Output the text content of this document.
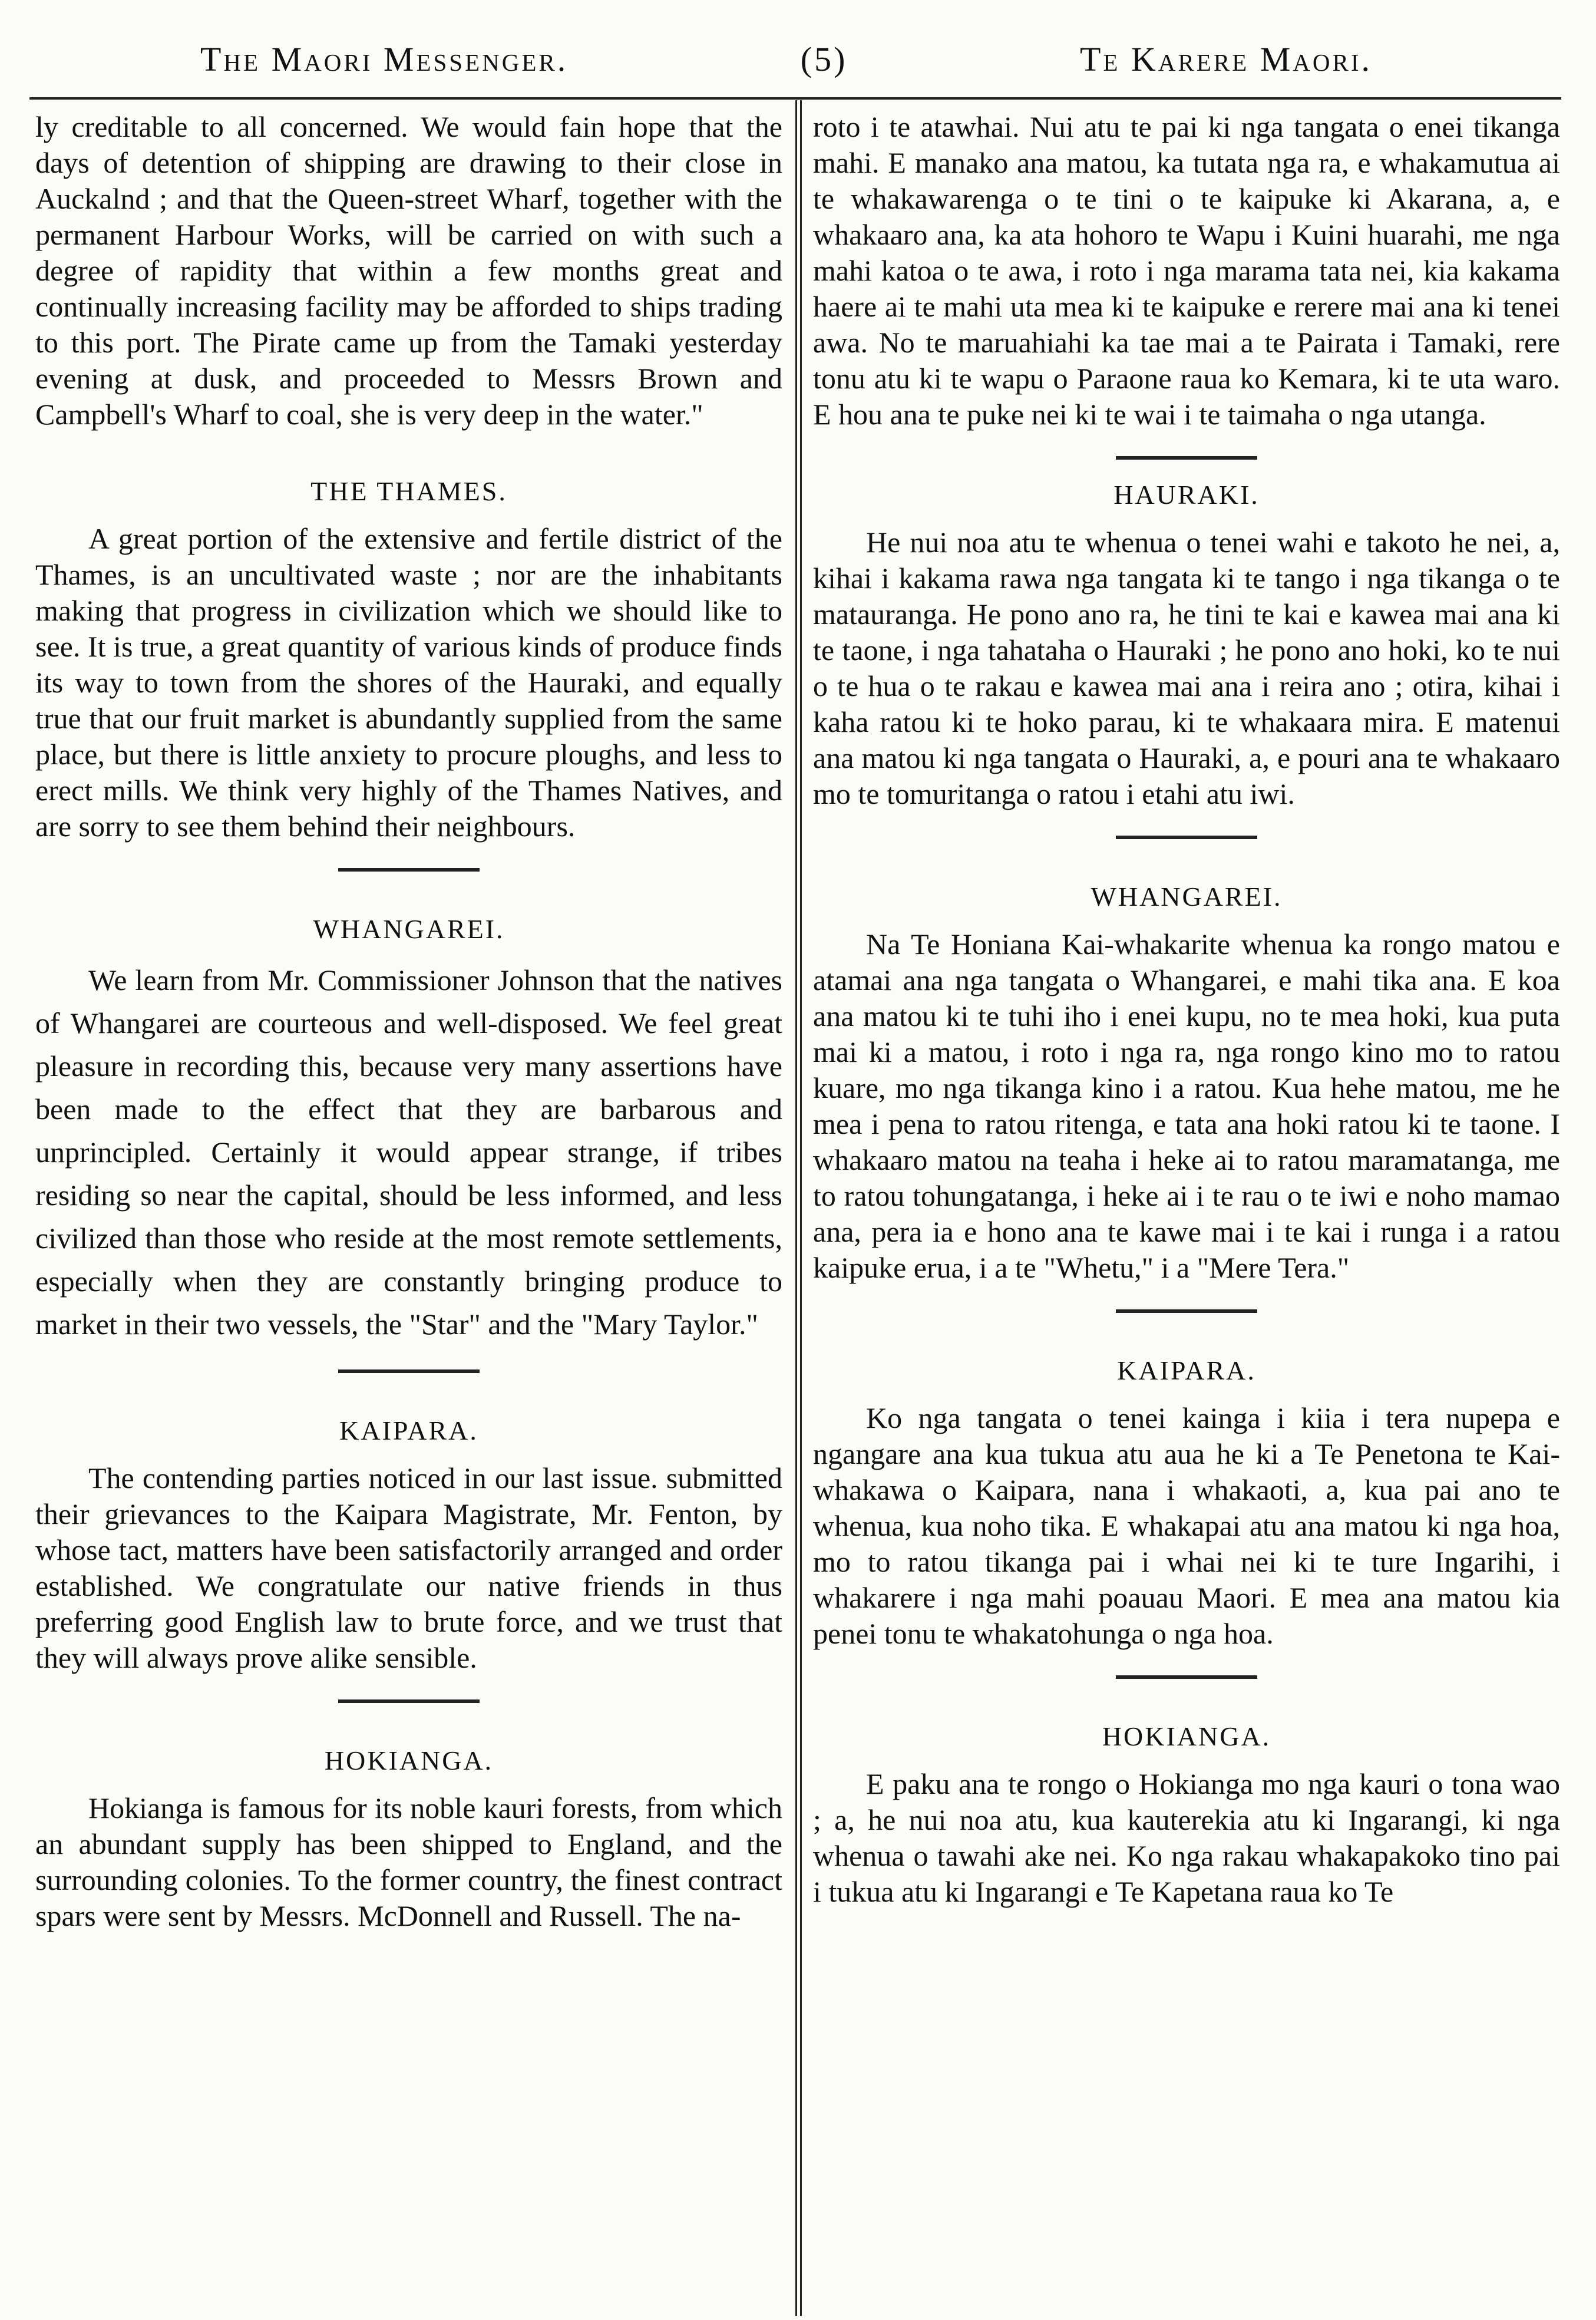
The Maori Messenger.	(5)	Te Karere Maori.

ly creditable to all concerned. We would fain hope that the days of detention of shipping are drawing to their close in Auckalnd ; and that the Queen-street Wharf, together with the permanent Harbour Works, will be carried on with such a degree of rapidity that within a few months great and continually increasing facility may be afforded to ships trading to this port. The Pirate came up from the Tamaki yesterday evening at dusk, and proceeded to Messrs Brown and Campbell's Wharf to coal, she is very deep in the water."

THE THAMES.

A great portion of the extensive and fertile district of the Thames, is an uncultivated waste ; nor are the inhabitants making that progress in civilization which we should like to see. It is true, a great quantity of various kinds of produce finds its way to town from the shores of the Hauraki, and equally true that our fruit market is abundantly supplied from the same place, but there is little anxiety to procure ploughs, and less to erect mills. We think very highly of the Thames Natives, and are sorry to see them behind their neighbours.

WHANGAREI.

We learn from Mr. Commissioner Johnson that the natives of Whangarei are courteous and well-disposed. We feel great pleasure in recording this, because very many assertions have been made to the effect that they are barbarous and unprincipled. Certainly it would appear strange, if tribes residing so near the capital, should be less informed, and less civilized than those who reside at the most remote settlements, especially when they are constantly bringing produce to market in their two vessels, the "Star" and the "Mary Taylor."

KAIPARA.

The contending parties noticed in our last issue. submitted their grievances to the Kaipara Magistrate, Mr. Fenton, by whose tact, matters have been satisfactorily arranged and order established. We congratulate our native friends in thus preferring good English law to brute force, and we trust that they will always prove alike sensible.

HOKIANGA.

Hokianga is famous for its noble kauri forests, from which an abundant supply has been shipped to England, and the surrounding colonies. To the former country, the finest contract spars were sent by Messrs. McDonnell and Russell. The na-

roto i te atawhai. Nui atu te pai ki nga tangata o enei tikanga mahi. E manako ana matou, ka tutata nga ra, e whakamutua ai te whakawarenga o te tini o te kaipuke ki Akarana, a, e whakaaro ana, ka ata hohoro te Wapu i Kuini huarahi, me nga mahi katoa o te awa, i roto i nga marama tata nei, kia kakama haere ai te mahi uta mea ki te kaipuke e rerere mai ana ki tenei awa. No te maruahiahi ka tae mai a te Pairata i Tamaki, rere tonu atu ki te wapu o Paraone raua ko Kemara, ki te uta waro. E hou ana te puke nei ki te wai i te taimaha o nga utanga.

HAURAKI.

He nui noa atu te whenua o tenei wahi e takoto he nei, a, kihai i kakama rawa nga tangata ki te tango i nga tikanga o te matauranga. He pono ano ra, he tini te kai e kawea mai ana ki te taone, i nga tahataha o Hauraki ; he pono ano hoki, ko te nui o te hua o te rakau e kawea mai ana i reira ano ; otira, kihai i kaha ratou ki te hoko parau, ki te whakaara mira. E matenui ana matou ki nga tangata o Hauraki, a, e pouri ana te whakaaro mo te tomuritanga o ratou i etahi atu iwi.

WHANGAREI.

Na Te Honiana Kai-whakarite whenua ka rongo matou e atamai ana nga tangata o Whangarei, e mahi tika ana. E koa ana matou ki te tuhi iho i enei kupu, no te mea hoki, kua puta mai ki a matou, i roto i nga ra, nga rongo kino mo to ratou kuare, mo nga tikanga kino i a ratou. Kua hehe matou, me he mea i pena to ratou ritenga, e tata ana hoki ratou ki te taone. I whakaaro matou na teaha i heke ai to ratou maramatanga, me to ratou tohungatanga, i heke ai i te rau o te iwi e noho mamao ana, pera ia e hono ana te kawe mai i te kai i runga i a ratou kaipuke erua, i a te "Whetu," i a "Mere Tera."

KAIPARA.

Ko nga tangata o tenei kainga i kiia i tera nupepa e ngangare ana kua tukua atu aua he ki a Te Penetona te Kai-whakawa o Kaipara, nana i whakaoti, a, kua pai ano te whenua, kua noho tika. E whakapai atu ana matou ki nga hoa, mo to ratou tikanga pai i whai nei ki te ture Ingarihi, i whakarere i nga mahi poauau Maori. E mea ana matou kia penei tonu te whakatohunga o nga hoa.

HOKIANGA.

E paku ana te rongo o Hokianga mo nga kauri o tona wao ; a, he nui noa atu, kua kauterekia atu ki Ingarangi, ki nga whenua o tawahi ake nei. Ko nga rakau whakapakoko tino pai i tukua atu ki Ingarangi e Te Kapetana raua ko Te
